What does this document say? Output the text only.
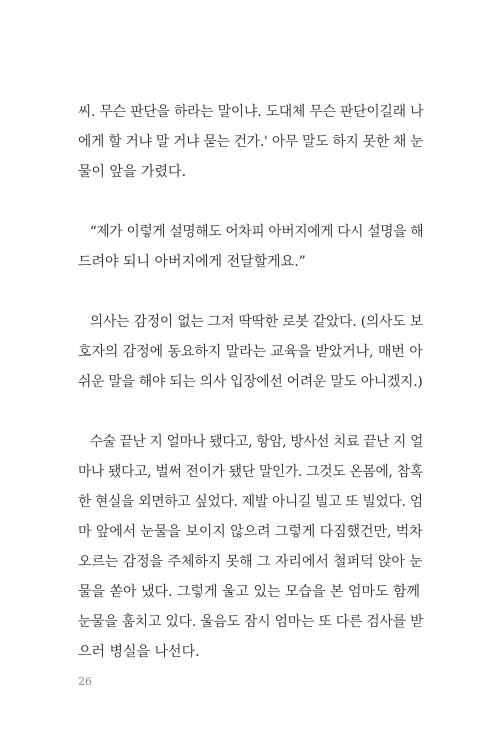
씨. 무슨 판단을 하라는 말이냐. 도대체 무슨 판단이길래 나
에게 할 거냐 말 거냐 묻는 건가.' 아무 말도 하지 못한 채 눈
물이 앞을 가렸다.

“제가 이렇게 설명해도 어차피 아버지에게 다시 설명을 해
드려야 되니 아버지에게 전달할게요.”

의사는 감정이 없는 그저 딱딱한 로봇 같았다. (의사도 보
호자의 감정에 동요하지 말라는 교육을 받았거나, 매번 아
쉬운 말을 해야 되는 의사 입장에선 어려운 말도 아니겠지.)

수술 끝난 지 얼마나 됐다고, 항암, 방사선 치료 끝난 지 얼
마나 됐다고, 벌써 전이가 됐단 말인가. 그것도 온몸에, 참혹
한 현실을 외면하고 싶었다. 제발 아니길 빌고 또 빌었다. 엄
마 앞에서 눈물을 보이지 않으려 그렇게 다짐했건만, 벅차
오르는 감정을 주체하지 못해 그 자리에서 철퍼덕 앉아 눈
물을 쏟아 냈다. 그렇게 울고 있는 모습을 본 엄마도 함께
눈물을 훔치고 있다. 울음도 잠시 엄마는 또 다른 검사를 받
으러 병실을 나선다.

26
